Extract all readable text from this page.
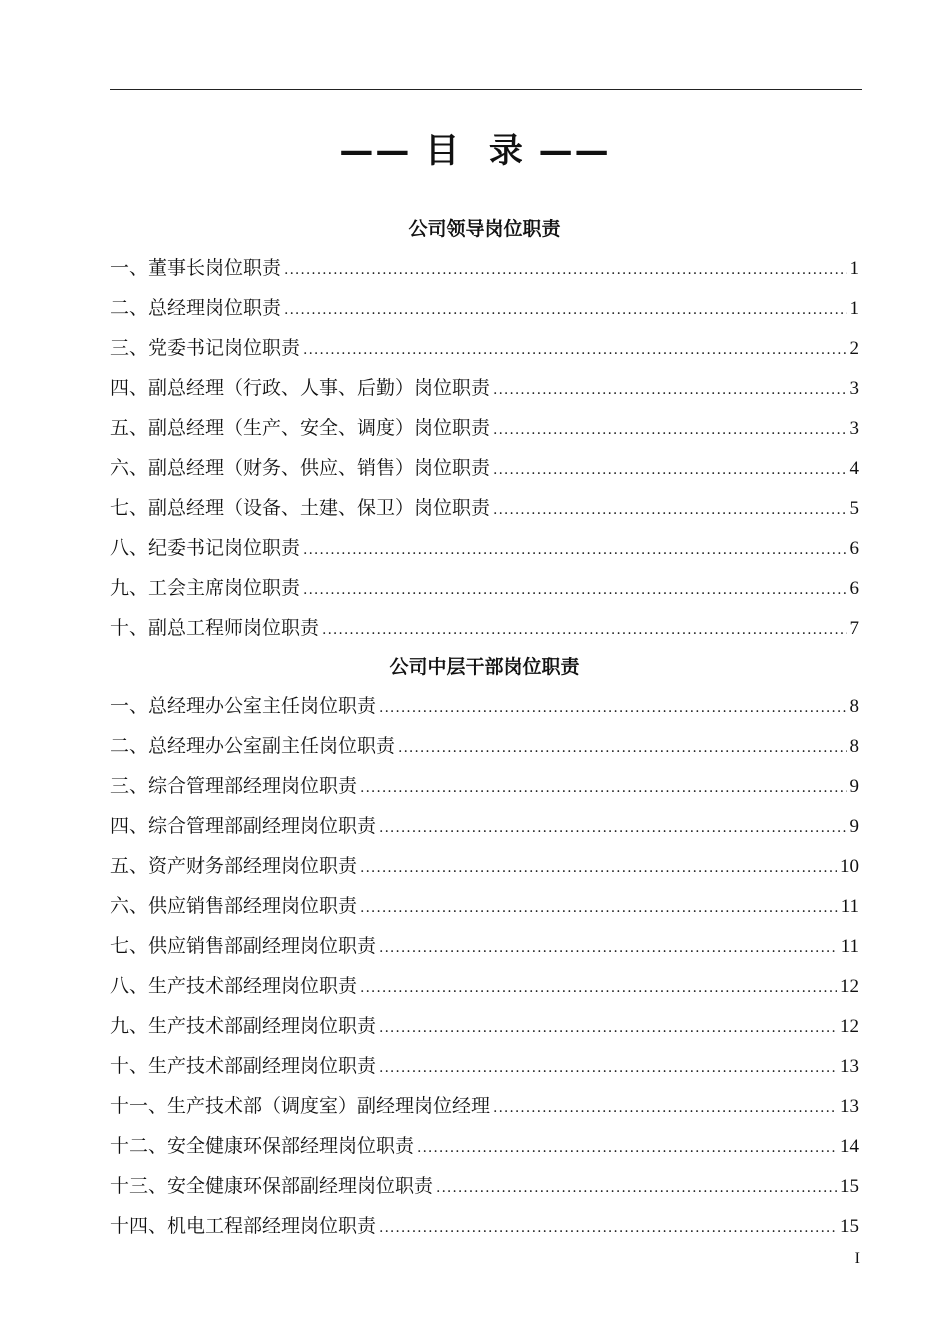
—— 目  录 ——
公司领导岗位职责
一、董事长岗位职责 .....	1
二、总经理岗位职责 .....	1
三、党委书记岗位职责 .....	2
四、副总经理（行政、人事、后勤）岗位职责 .....	3
五、副总经理（生产、安全、调度）岗位职责 .....	3
六、副总经理（财务、供应、销售）岗位职责 .....	4
七、副总经理（设备、土建、保卫）岗位职责 .....	5
八、纪委书记岗位职责 .....	6
九、工会主席岗位职责 .....	6
十、副总工程师岗位职责 .....	7
公司中层干部岗位职责
一、总经理办公室主任岗位职责 .....	8
二、总经理办公室副主任岗位职责 .....	8
三、综合管理部经理岗位职责 .....	9
四、综合管理部副经理岗位职责 .....	9
五、资产财务部经理岗位职责 .....	10
六、供应销售部经理岗位职责 .....	11
七、供应销售部副经理岗位职责 .....	11
八、生产技术部经理岗位职责 .....	12
九、生产技术部副经理岗位职责 .....	12
十、生产技术部副经理岗位职责 .....	13
十一、生产技术部（调度室）副经理岗位经理 .....	13
十二、安全健康环保部经理岗位职责 .....	14
十三、安全健康环保部副经理岗位职责 .....	15
十四、机电工程部经理岗位职责 .....	15
I
